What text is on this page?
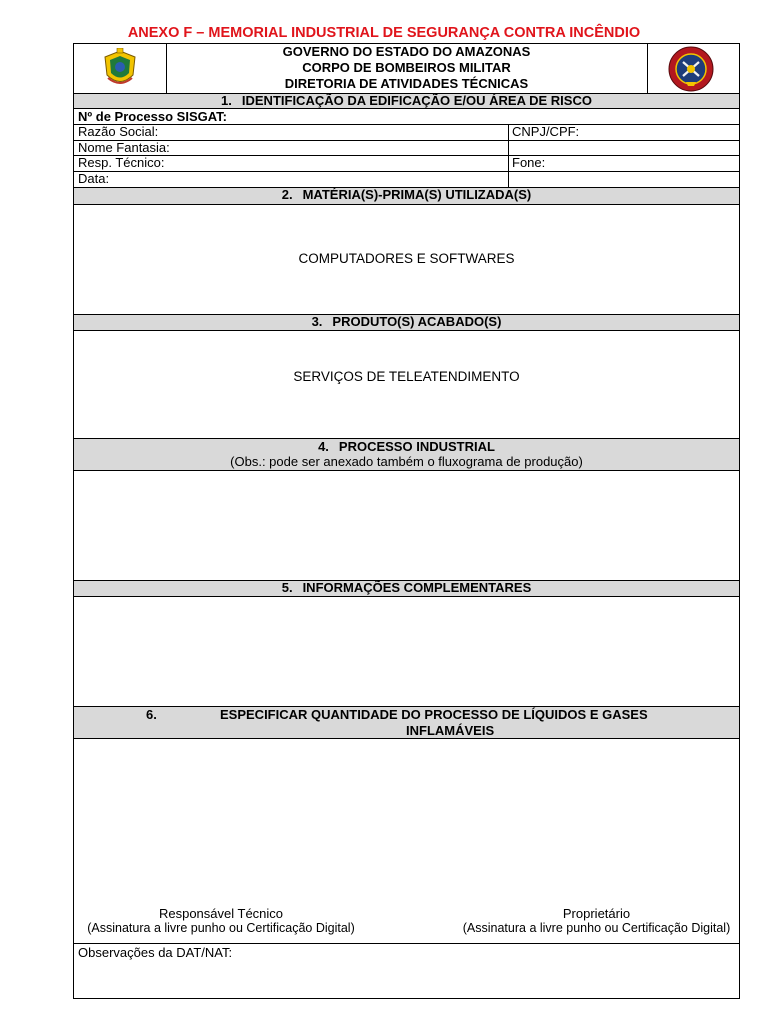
ANEXO F – MEMORIAL INDUSTRIAL DE SEGURANÇA CONTRA INCÊNDIO
GOVERNO DO ESTADO DO AMAZONAS
CORPO DE BOMBEIROS MILITAR
DIRETORIA DE ATIVIDADES TÉCNICAS
1. IDENTIFICAÇÃO DA EDIFICAÇÃO E/OU ÁREA DE RISCO
Nº de Processo SISGAT:
Razão Social:	CNPJ/CPF:
Nome Fantasia:
Resp. Técnico:	Fone:
Data:
2. MATÉRIA(S)-PRIMA(S) UTILIZADA(S)
COMPUTADORES E SOFTWARES
3. PRODUTO(S) ACABADO(S)
SERVIÇOS DE TELEATENDIMENTO
4. PROCESSO INDUSTRIAL
(Obs.: pode ser anexado também o fluxograma de produção)
5. INFORMAÇÕES COMPLEMENTARES
6.	ESPECIFICAR QUANTIDADE DO PROCESSO DE LÍQUIDOS E GASES
INFLAMÁVEIS
Responsável Técnico
(Assinatura a livre punho ou Certificação Digital)
Proprietário
(Assinatura a livre punho ou Certificação Digital)
Observações da DAT/NAT:
